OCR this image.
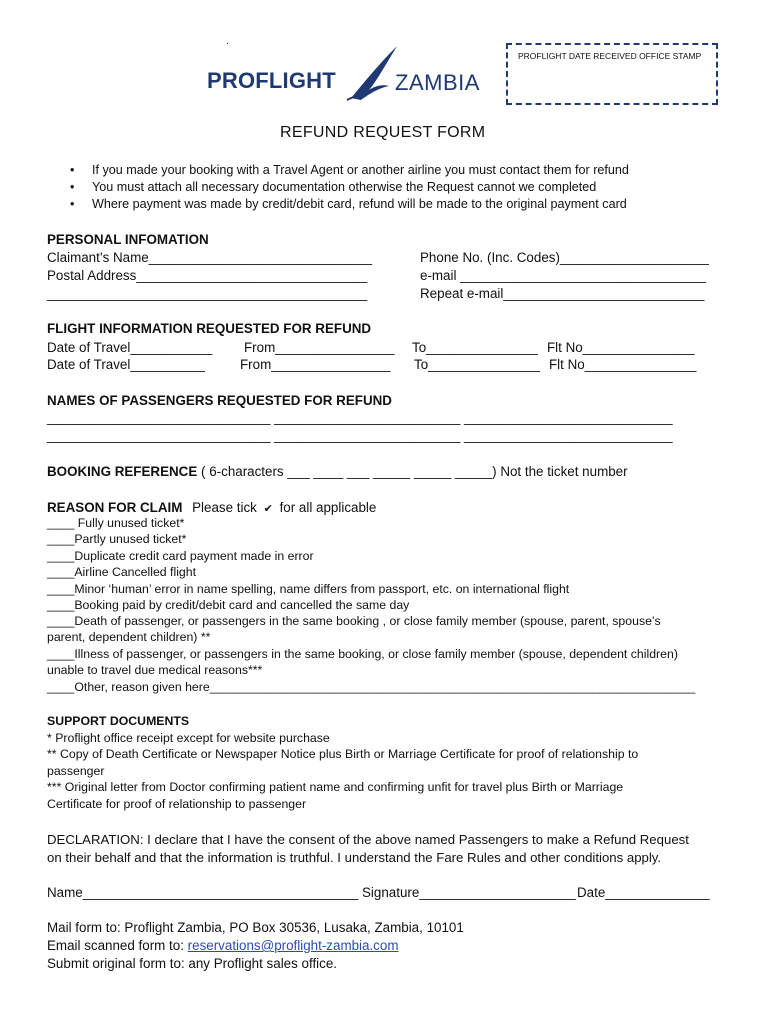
PROFLIGHT	ZAMBIA
.
PROFLIGHT DATE RECEIVED OFFICE STAMP
REFUND REQUEST FORM
• If you made your booking with a Travel Agent or another airline you must contact them for refund
• You must attach all necessary documentation otherwise the Request cannot we completed
• Where payment was made by credit/debit card, refund will be made to the original payment card
PERSONAL INFOMATION
Claimant’s Name______________________________
Postal Address_______________________________
___________________________________________
Phone No. (Inc. Codes)____________________
e-mail _________________________________
Repeat e-mail___________________________
FLIGHT INFORMATION REQUESTED FOR REFUND
Date of Travel___________ From________________ To_______________ Flt No_______________
Date of Travel__________	From________________ To_______________ Flt No_______________
NAMES OF PASSENGERS REQUESTED FOR REFUND
______________________________ _________________________ ____________________________
______________________________ _________________________ ____________________________
BOOKING REFERENCE ( 6-characters ___ ____ ___ _____ _____ _____) Not the ticket number
REASON FOR CLAIM Please tick ✔ for all applicable
____ Fully unused ticket*
____Partly unused ticket*
____Duplicate credit card payment made in error
____Airline Cancelled flight
____Minor ‘human’ error in name spelling, name differs from passport, etc. on international flight
____Booking paid by credit/debit card and cancelled the same day
____Death of passenger, or passengers in the same booking , or close family member (spouse, parent, spouse’s
parent, dependent children) **
____Illness of passenger, or passengers in the same booking, or close family member (spouse, dependent children)
unable to travel due medical reasons***
____Other, reason given here_______________________________________________________________________
SUPPORT DOCUMENTS
* Proflight office receipt except for website purchase
** Copy of Death Certificate or Newspaper Notice plus Birth or Marriage Certificate for proof of relationship to
passenger
*** Original letter from Doctor confirming patient name and confirming unfit for travel plus Birth or Marriage
Certificate for proof of relationship to passenger
DECLARATION: I declare that I have the consent of the above named Passengers to make a Refund Request
on their behalf and that the information is truthful. I understand the Fare Rules and other conditions apply.
Name_____________________________________ Signature_____________________ Date______________
Mail form to: Proflight Zambia, PO Box 30536, Lusaka, Zambia, 10101
Email scanned form to: reservations@proflight-zambia.com
Submit original form to: any Proflight sales office.
